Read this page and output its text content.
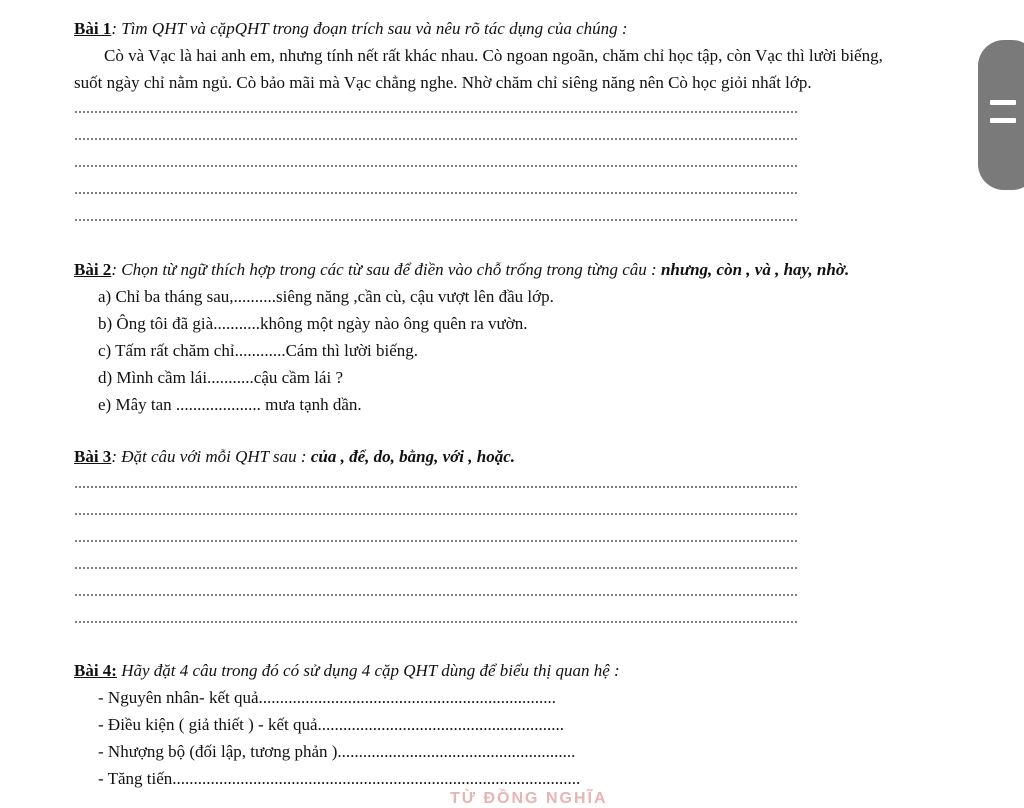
Bài 1: Tìm QHT và cặpQHT trong đoạn trích sau và nêu rõ tác dụng của chúng :
Cò và Vạc là hai anh em, nhưng tính nết rất khác nhau. Cò ngoan ngoãn, chăm chỉ học tập, còn Vạc thì lười biếng,
suốt ngày chỉ nằm ngủ. Cò bảo mãi mà Vạc chẳng nghe. Nhờ chăm chỉ siêng năng nên Cò học giỏi nhất lớp.
Bài 2: Chọn từ ngữ thích hợp trong các từ sau để điền vào chỗ trống trong từng câu : nhưng, còn , và , hay, nhờ.
a) Chỉ ba tháng sau,..........siêng năng ,cần cù, cậu vượt lên đầu lớp.
b) Ông tôi đã già...........không một ngày nào ông quên ra vườn.
c) Tấm rất chăm chỉ............Cám thì lười biếng.
d) Mình cầm lái...........cậu cầm lái ?
e) Mây tan .................... mưa tạnh dần.
Bài 3: Đặt câu với mỗi QHT sau : của , để, do, bằng, với , hoặc.
Bài 4: Hãy đặt 4 câu trong đó có sử dụng 4 cặp QHT dùng để biểu thị quan hệ :
- Nguyên nhân- kết quả......................................................................
- Điều kiện ( giả thiết ) - kết quả..........................................................
- Nhượng bộ (đối lập, tương phản )........................................................
- Tăng tiến................................................................................................
TỪ ĐỒNG NGHĨA
